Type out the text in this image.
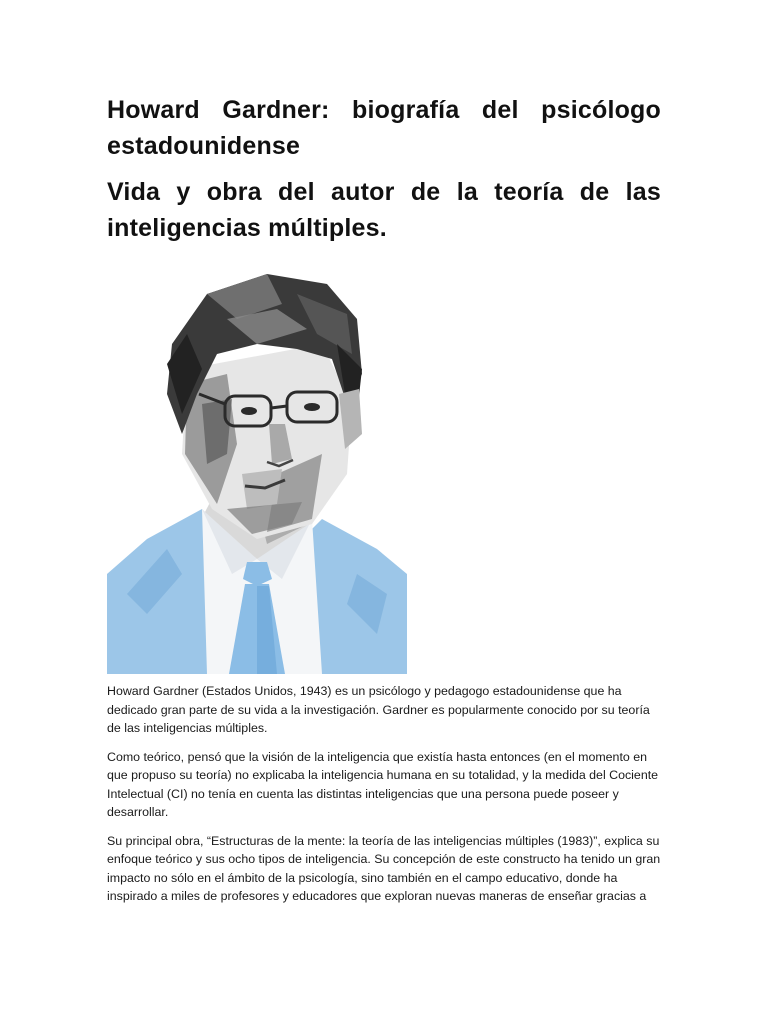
Howard Gardner: biografía del psicólogo estadounidense
Vida y obra del autor de la teoría de las inteligencias múltiples.

Howard Gardner (Estados Unidos, 1943) es un psicólogo y pedagogo estadounidense que ha dedicado gran parte de su vida a la investigación. Gardner es popularmente conocido por su teoría de las inteligencias múltiples.

Como teórico, pensó que la visión de la inteligencia que existía hasta entonces (en el momento en que propuso su teoría) no explicaba la inteligencia humana en su totalidad, y la medida del Cociente Intelectual (CI) no tenía en cuenta las distintas inteligencias que una persona puede poseer y desarrollar.

Su principal obra, “Estructuras de la mente: la teoría de las inteligencias múltiples (1983)”, explica su enfoque teórico y sus ocho tipos de inteligencia. Su concepción de este constructo ha tenido un gran impacto no sólo en el ámbito de la psicología, sino también en el campo educativo, donde ha inspirado a miles de profesores y educadores que exploran nuevas maneras de enseñar gracias a
